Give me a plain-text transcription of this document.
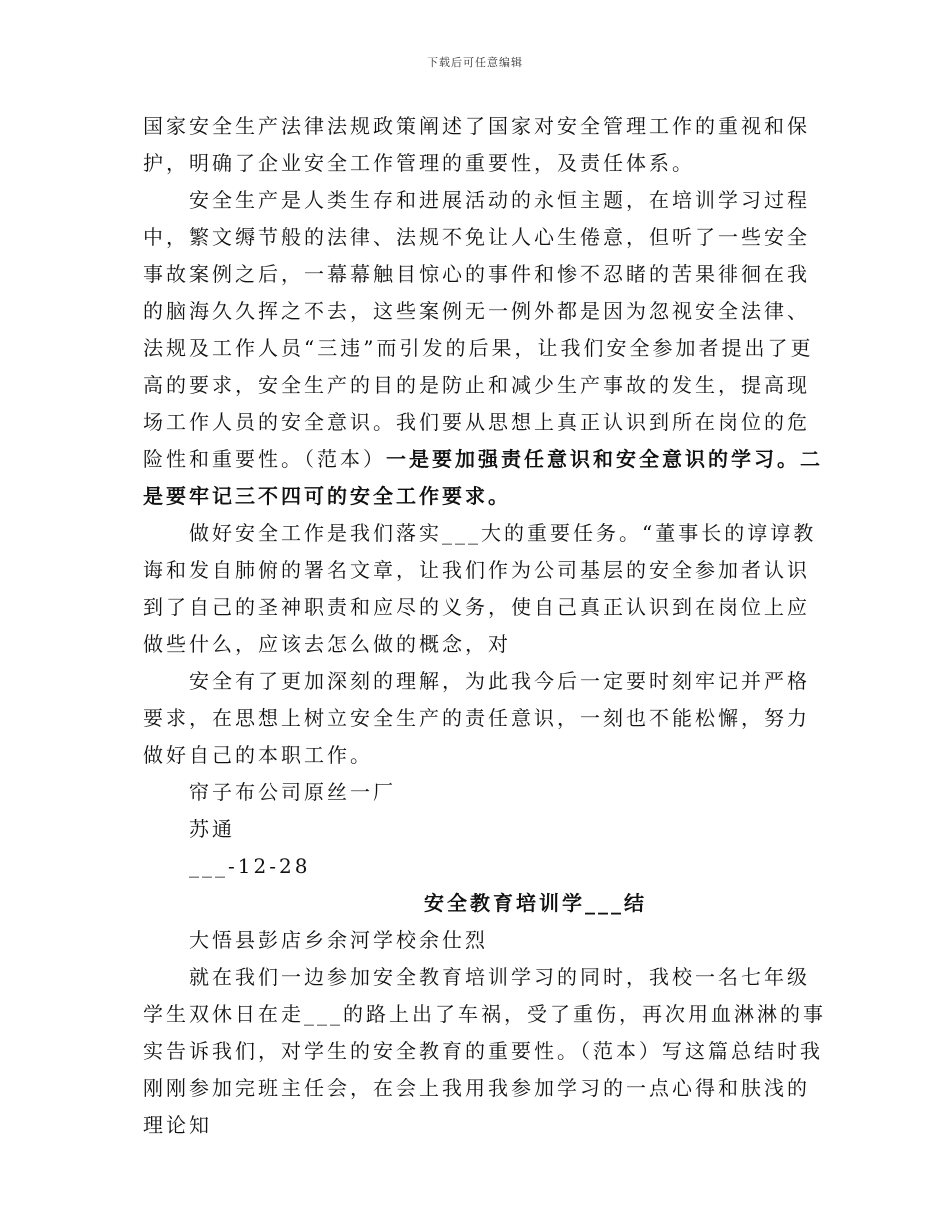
下载后可任意编辑

国家安全生产法律法规政策阐述了国家对安全管理工作的重视和保护，明确了企业安全工作管理的重要性，及责任体系。

安全生产是人类生存和进展活动的永恒主题，在培训学习过程中，繁文缛节般的法律、法规不免让人心生倦意，但听了一些安全事故案例之后，一幕幕触目惊心的事件和惨不忍睹的苦果徘徊在我的脑海久久挥之不去，这些案例无一例外都是因为忽视安全法律、法规及工作人员“三违”而引发的后果，让我们安全参加者提出了更高的要求，安全生产的目的是防止和减少生产事故的发生，提高现场工作人员的安全意识。我们要从思想上真正认识到所在岗位的危险性和重要性。（范本）一是要加强责任意识和安全意识的学习。二是要牢记三不四可的安全工作要求。

做好安全工作是我们落实___大的重要任务。“董事长的谆谆教诲和发自肺俯的署名文章，让我们作为公司基层的安全参加者认识到了自己的圣神职责和应尽的义务，使自己真正认识到在岗位上应做些什么，应该去怎么做的概念，对

安全有了更加深刻的理解，为此我今后一定要时刻牢记并严格要求，在思想上树立安全生产的责任意识，一刻也不能松懈，努力做好自己的本职工作。

帘子布公司原丝一厂

苏通

___-12-28

安全教育培训学___结

大悟县彭店乡余河学校余仕烈

就在我们一边参加安全教育培训学习的同时，我校一名七年级学生双休日在走___的路上出了车祸，受了重伤，再次用血淋淋的事实告诉我们，对学生的安全教育的重要性。（范本）写这篇总结时我刚刚参加完班主任会，在会上我用我参加学习的一点心得和肤浅的理论知
